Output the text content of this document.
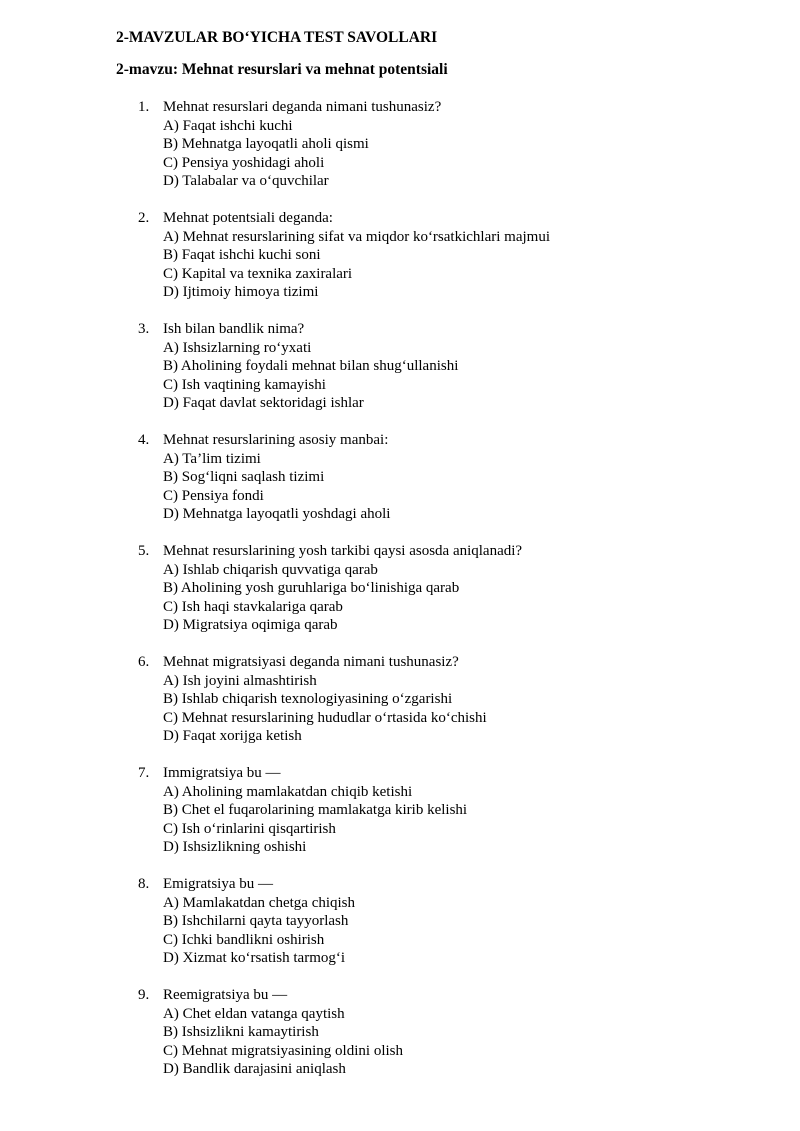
2-MAVZULAR BO‘YICHA TEST SAVOLLARI
2-mavzu: Mehnat resurslari va mehnat potentsiali
1. Mehnat resurslari deganda nimani tushunasiz?
A) Faqat ishchi kuchi
B) Mehnatga layoqatli aholi qismi
C) Pensiya yoshidagi aholi
D) Talabalar va o‘quvchilar
2. Mehnat potentsiali deganda:
A) Mehnat resurslarining sifat va miqdor ko‘rsatkichlari majmui
B) Faqat ishchi kuchi soni
C) Kapital va texnika zaxiralari
D) Ijtimoiy himoya tizimi
3. Ish bilan bandlik nima?
A) Ishsizlarning ro‘yxati
B) Aholining foydali mehnat bilan shug‘ullanishi
C) Ish vaqtining kamayishi
D) Faqat davlat sektoridagi ishlar
4. Mehnat resurslarining asosiy manbai:
A) Ta’lim tizimi
B) Sog‘liqni saqlash tizimi
C) Pensiya fondi
D) Mehnatga layoqatli yoshdagi aholi
5. Mehnat resurslarining yosh tarkibi qaysi asosda aniqlanadi?
A) Ishlab chiqarish quvvatiga qarab
B) Aholining yosh guruhlariga bo‘linishiga qarab
C) Ish haqi stavkalariga qarab
D) Migratsiya oqimiga qarab
6. Mehnat migratsiyasi deganda nimani tushunasiz?
A) Ish joyini almashtirish
B) Ishlab chiqarish texnologiyasining o‘zgarishi
C) Mehnat resurslarining hududlar o‘rtasida ko‘chishi
D) Faqat xorijga ketish
7. Immigratsiya bu —
A) Aholining mamlakatdan chiqib ketishi
B) Chet el fuqarolarining mamlakatga kirib kelishi
C) Ish o‘rinlarini qisqartirish
D) Ishsizlikning oshishi
8. Emigratsiya bu —
A) Mamlakatdan chetga chiqish
B) Ishchilarni qayta tayyorlash
C) Ichki bandlikni oshirish
D) Xizmat ko‘rsatish tarmog‘i
9. Reemigratsiya bu —
A) Chet eldan vatanga qaytish
B) Ishsizlikni kamaytirish
C) Mehnat migratsiyasining oldini olish
D) Bandlik darajasini aniqlash
